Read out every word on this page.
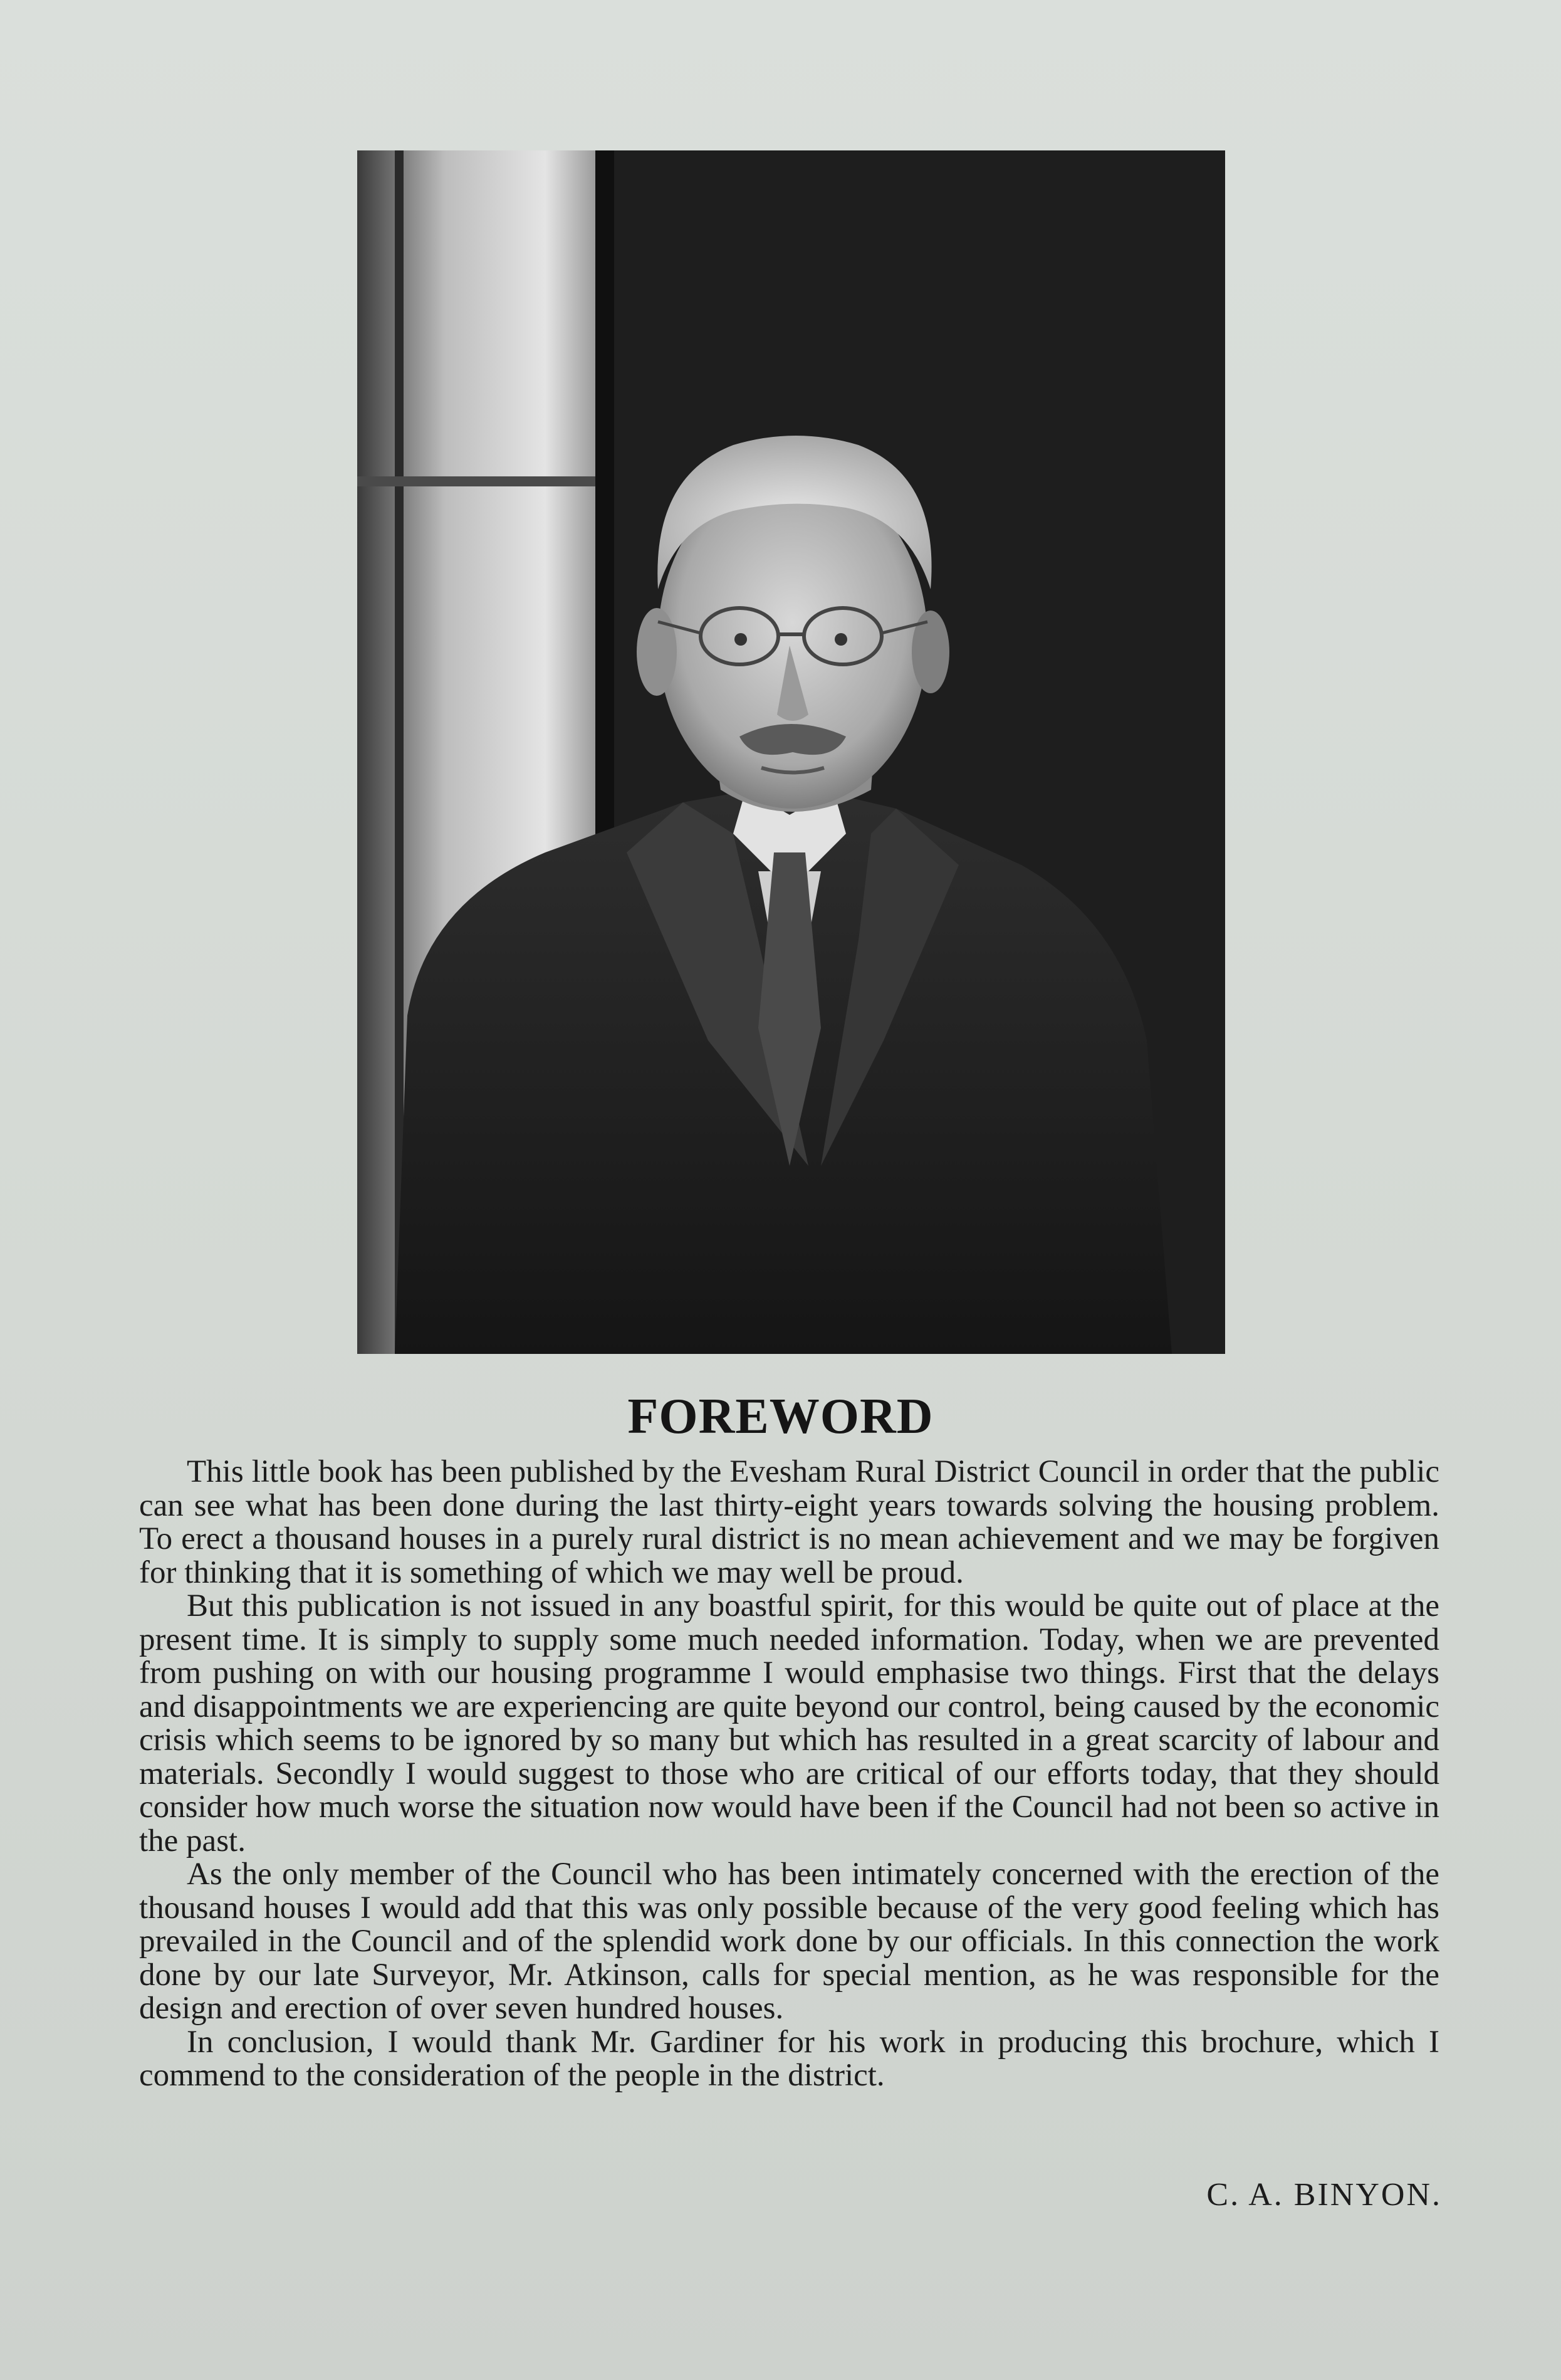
FOREWORD

This little book has been published by the Evesham Rural District Council in order that the public can see what has been done during the last thirty-eight years towards solving the housing problem. To erect a thousand houses in a purely rural district is no mean achievement and we may be forgiven for thinking that it is something of which we may well be proud.

But this publication is not issued in any boastful spirit, for this would be quite out of place at the present time. It is simply to supply some much needed information. Today, when we are prevented from pushing on with our housing programme I would emphasise two things. First that the delays and disappointments we are experiencing are quite beyond our control, being caused by the economic crisis which seems to be ignored by so many but which has resulted in a great scarcity of labour and materials. Secondly I would suggest to those who are critical of our efforts today, that they should consider how much worse the situation now would have been if the Council had not been so active in the past.

As the only member of the Council who has been intimately concerned with the erection of the thousand houses I would add that this was only possible because of the very good feeling which has prevailed in the Council and of the splendid work done by our officials. In this connection the work done by our late Surveyor, Mr. Atkinson, calls for special mention, as he was responsible for the design and erection of over seven hundred houses.

In conclusion, I would thank Mr. Gardiner for his work in producing this brochure, which I commend to the consideration of the people in the district.

C. A. BINYON.
